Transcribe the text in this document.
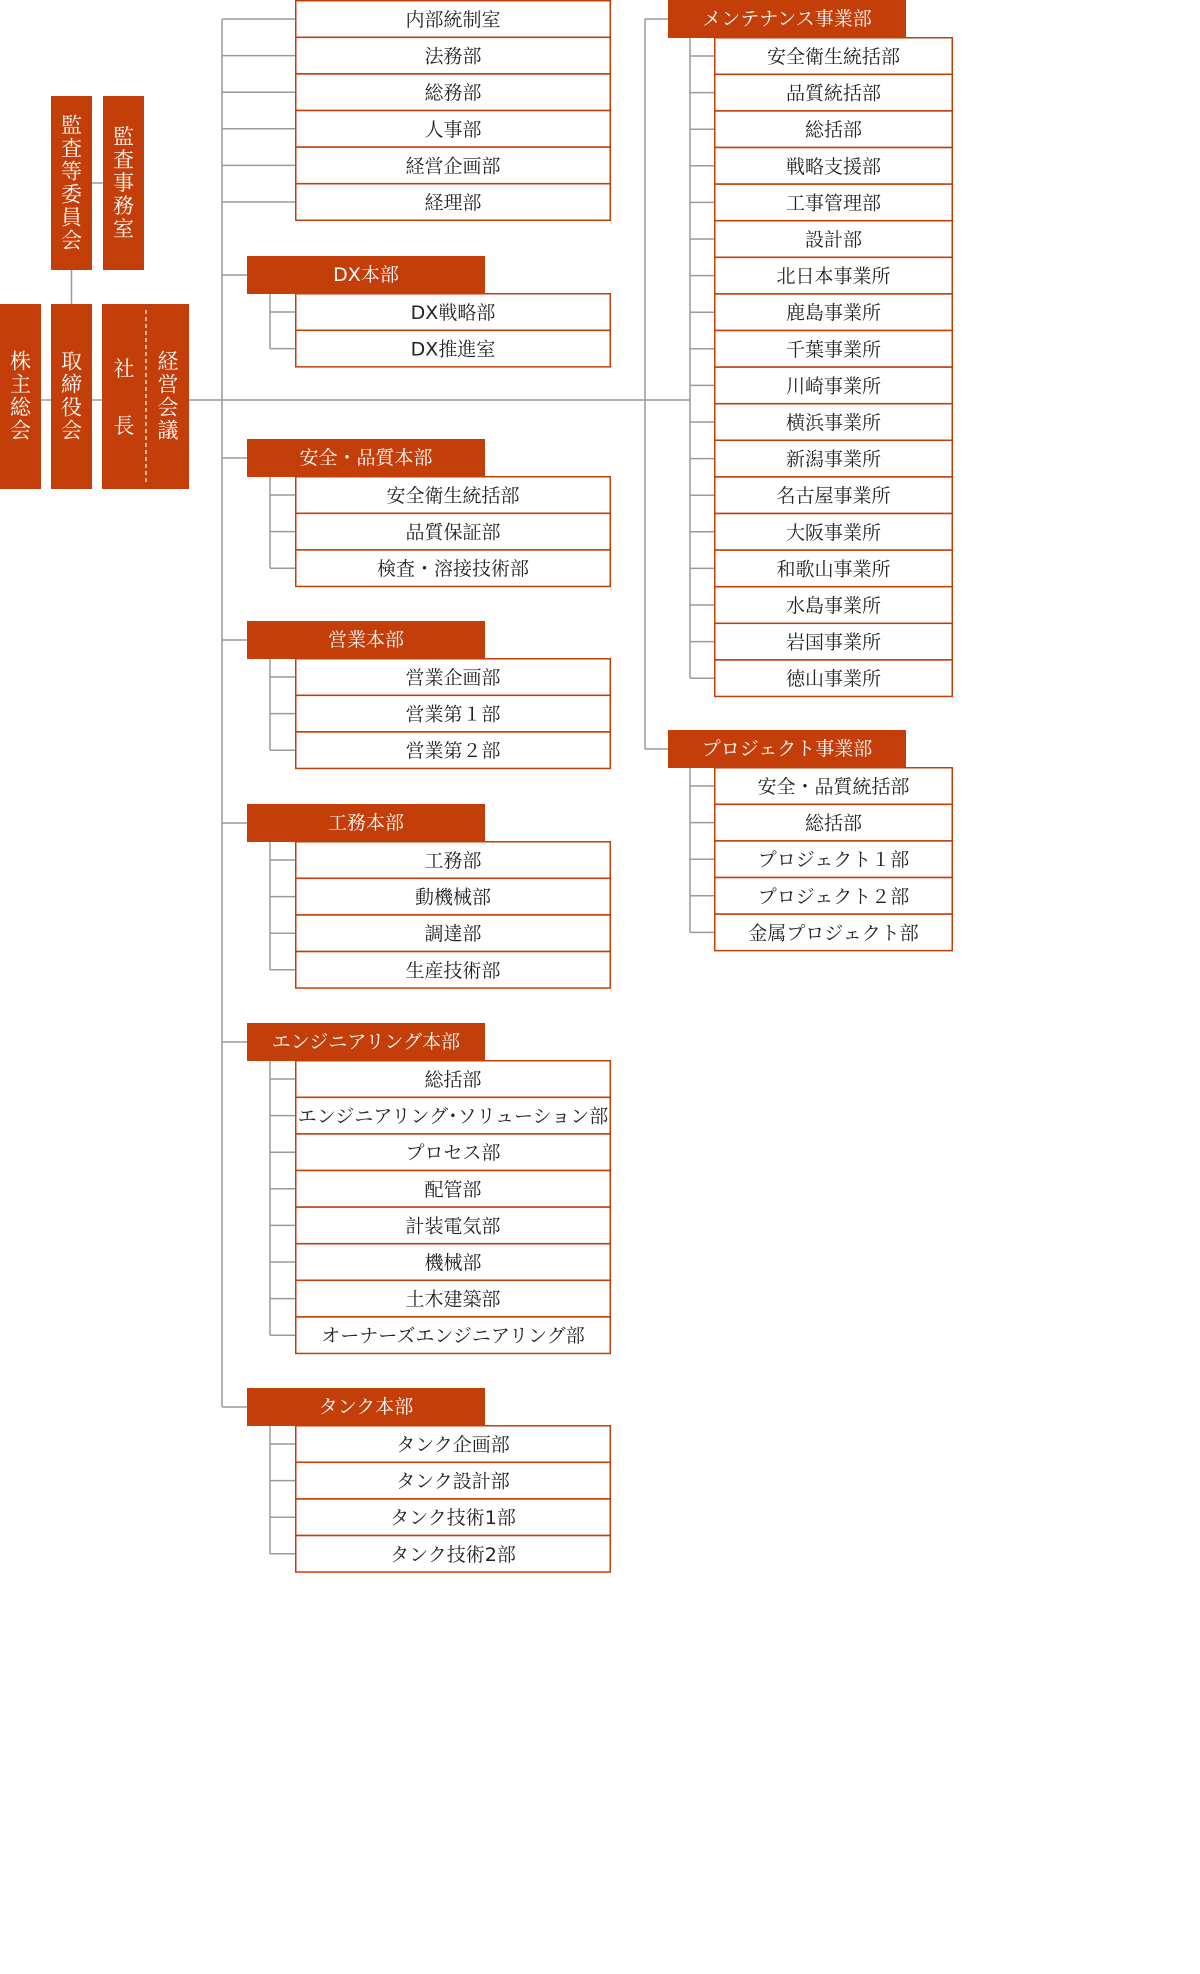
株主総会
取締役会
社
長
経営会議
監査等委員会
監査事務室
内部統制室
法務部
総務部
人事部
経営企画部
経理部
DX本部
DX戦略部
DX推進室
安全・品質本部
安全衛生統括部
品質保証部
検査・溶接技術部
営業本部
営業企画部
営業第１部
営業第２部
工務本部
工務部
動機械部
調達部
生産技術部
エンジニアリング本部
総括部
エンジニアリング･ソリューション部
プロセス部
配管部
計装電気部
機械部
土木建築部
オーナーズエンジニアリング部
タンク本部
タンク企画部
タンク設計部
タンク技術1部
タンク技術2部
メンテナンス事業部
安全衛生統括部
品質統括部
総括部
戦略支援部
工事管理部
設計部
北日本事業所
鹿島事業所
千葉事業所
川崎事業所
横浜事業所
新潟事業所
名古屋事業所
大阪事業所
和歌山事業所
水島事業所
岩国事業所
徳山事業所
プロジェクト事業部
安全・品質統括部
総括部
プロジェクト１部
プロジェクト２部
金属プロジェクト部
